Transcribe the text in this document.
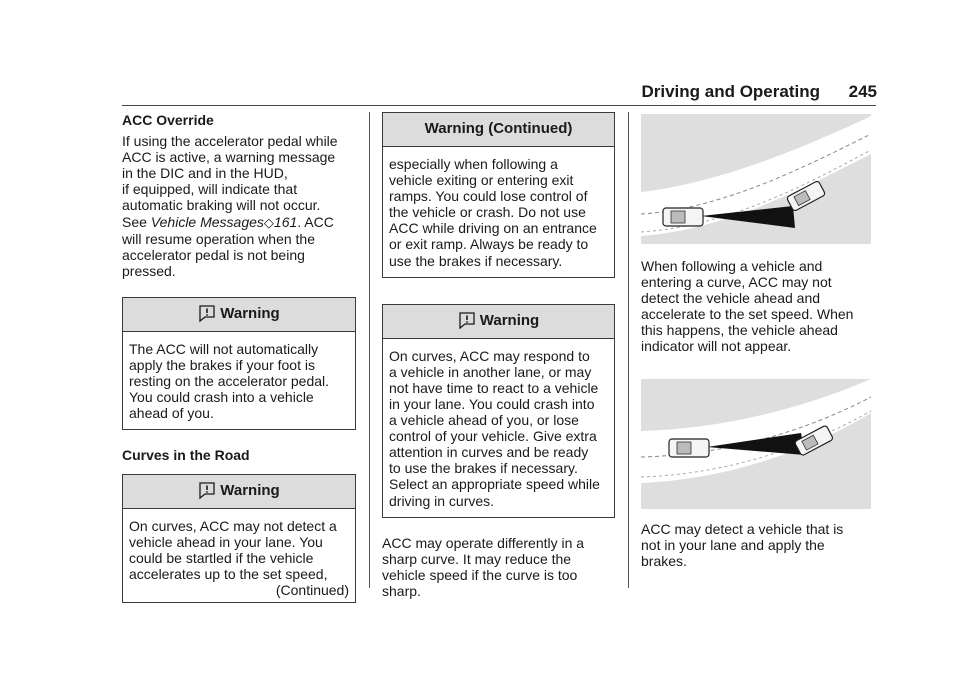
Driving and Operating	245
ACC Override
If using the accelerator pedal while
ACC is active, a warning message
in the DIC and in the HUD,
if equipped, will indicate that
automatic braking will not occur.
See Vehicle Messages◇161. ACC
will resume operation when the
accelerator pedal is not being
pressed.
Warning
The ACC will not automatically
apply the brakes if your foot is
resting on the accelerator pedal.
You could crash into a vehicle
ahead of you.
Curves in the Road
Warning
On curves, ACC may not detect a
vehicle ahead in your lane. You
could be startled if the vehicle
accelerates up to the set speed,
(Continued)
Warning (Continued)
especially when following a
vehicle exiting or entering exit
ramps. You could lose control of
the vehicle or crash. Do not use
ACC while driving on an entrance
or exit ramp. Always be ready to
use the brakes if necessary.
Warning
On curves, ACC may respond to
a vehicle in another lane, or may
not have time to react to a vehicle
in your lane. You could crash into
a vehicle ahead of you, or lose
control of your vehicle. Give extra
attention in curves and be ready
to use the brakes if necessary.
Select an appropriate speed while
driving in curves.
ACC may operate differently in a
sharp curve. It may reduce the
vehicle speed if the curve is too
sharp.
When following a vehicle and
entering a curve, ACC may not
detect the vehicle ahead and
accelerate to the set speed. When
this happens, the vehicle ahead
indicator will not appear.
ACC may detect a vehicle that is
not in your lane and apply the
brakes.
